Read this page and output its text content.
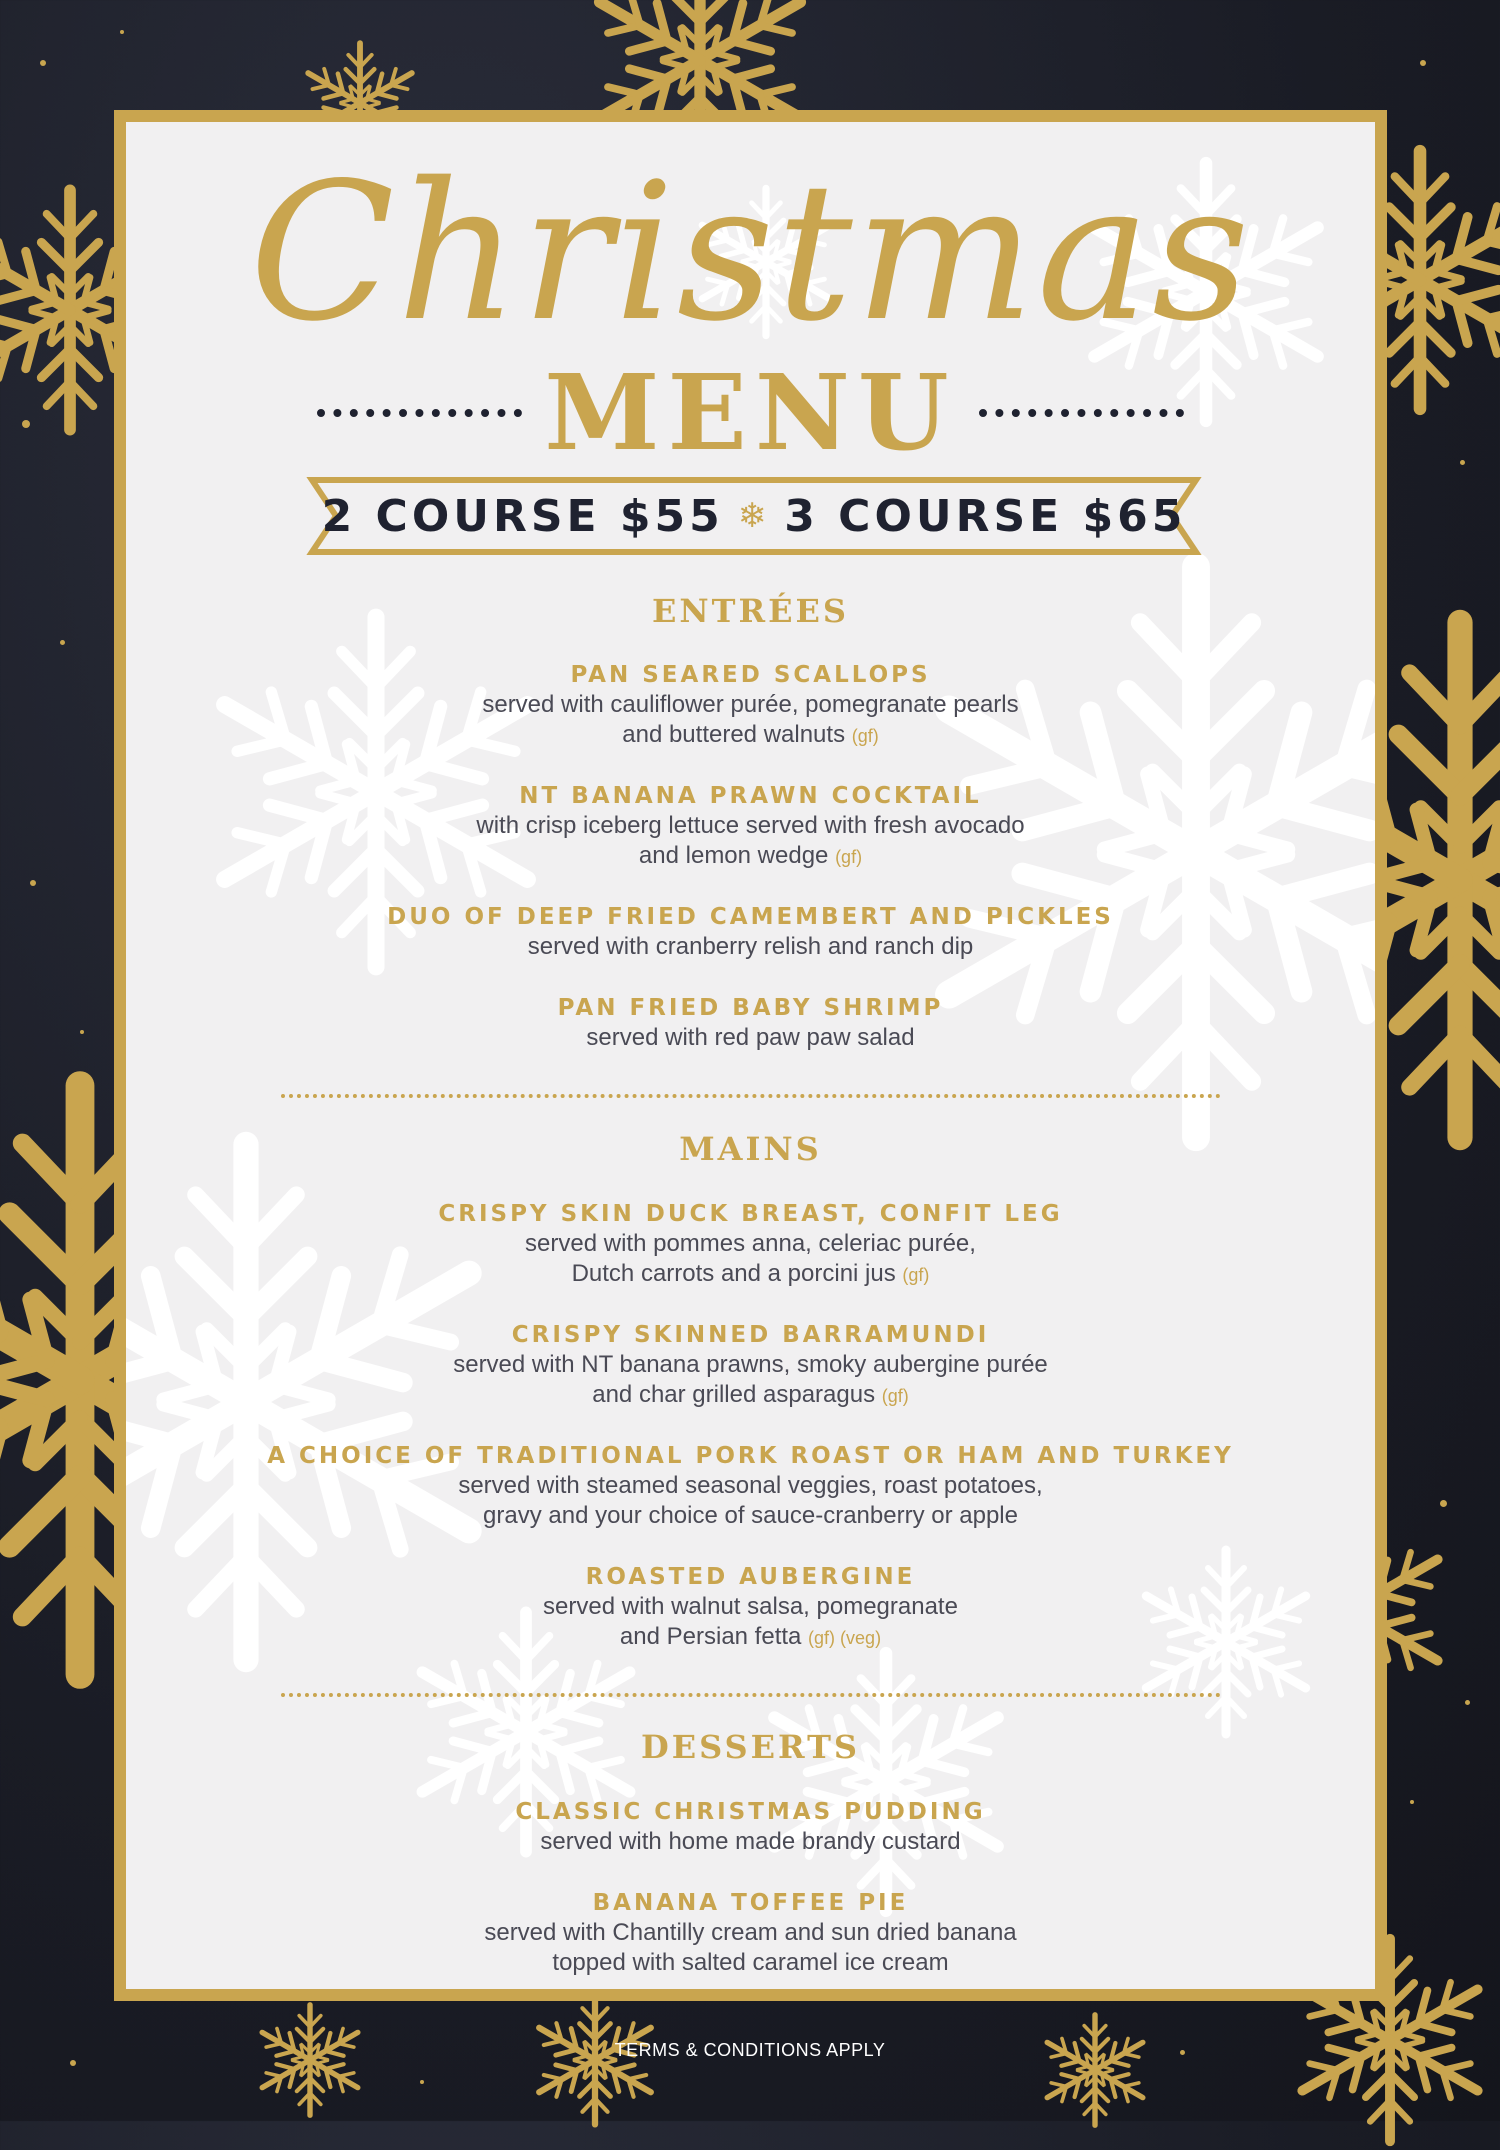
Christmas
MENU
2 COURSE $55 ❄ 3 COURSE $65
ENTRÉES
PAN SEARED SCALLOPS
served with cauliflower purée, pomegranate pearls
and buttered walnuts (gf)
NT BANANA PRAWN COCKTAIL
with crisp iceberg lettuce served with fresh avocado
and lemon wedge (gf)
DUO OF DEEP FRIED CAMEMBERT AND PICKLES
served with cranberry relish and ranch dip
PAN FRIED BABY SHRIMP
served with red paw paw salad
MAINS
CRISPY SKIN DUCK BREAST, CONFIT LEG
served with pommes anna, celeriac purée,
Dutch carrots and a porcini jus (gf)
CRISPY SKINNED BARRAMUNDI
served with NT banana prawns, smoky aubergine purée
and char grilled asparagus (gf)
A CHOICE OF TRADITIONAL PORK ROAST OR HAM AND TURKEY
served with steamed seasonal veggies, roast potatoes,
gravy and your choice of sauce-cranberry or apple
ROASTED AUBERGINE
served with walnut salsa, pomegranate
and Persian fetta (gf) (veg)
DESSERTS
CLASSIC CHRISTMAS PUDDING
served with home made brandy custard
BANANA TOFFEE PIE
served with Chantilly cream and sun dried banana
topped with salted caramel ice cream
TERMS & CONDITIONS APPLY
